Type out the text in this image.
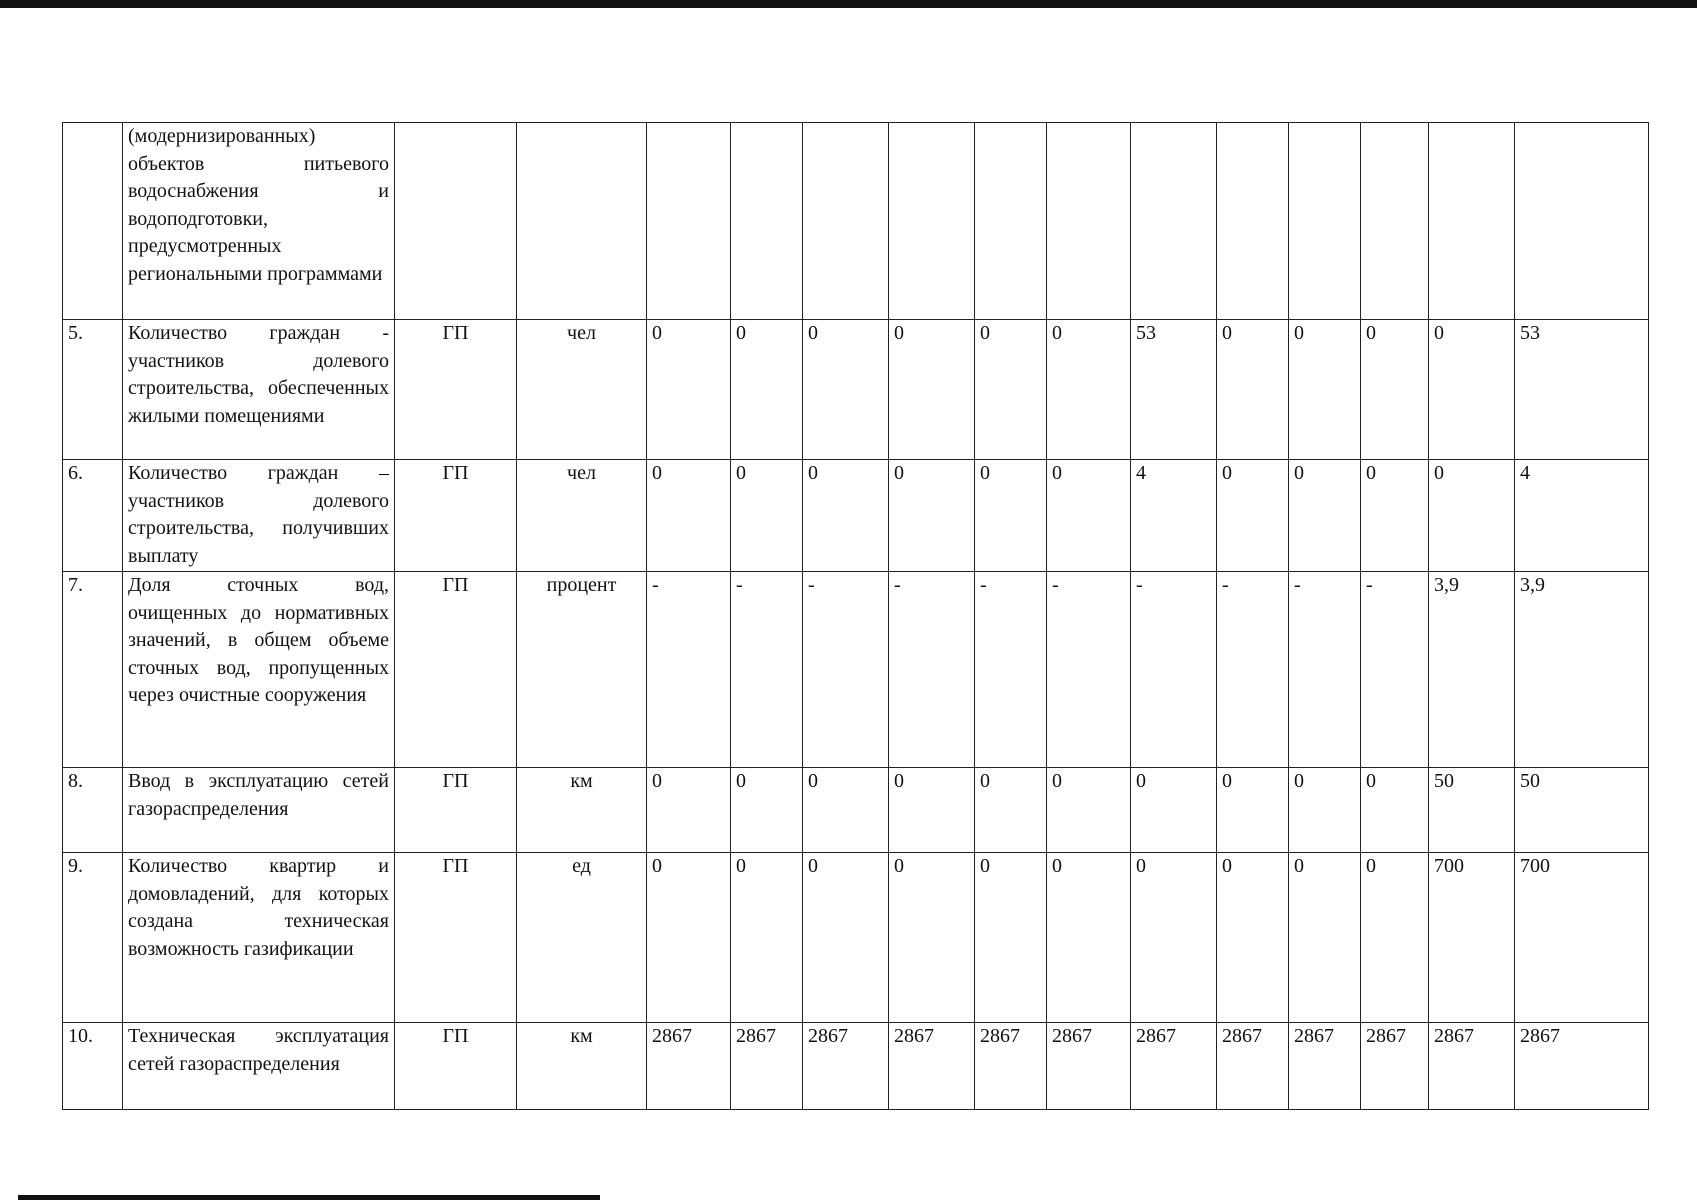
	(модернизированных) объектов питьевого водоснабжения и водоподготовки, предусмотренных региональными программами														
5.	Количество граждан - участников долевого строительства, обеспеченных жилыми помещениями	ГП	чел	0	0	0	0	0	0	53	0	0	0	0	53
6.	Количество граждан – участников долевого строительства, получивших выплату	ГП	чел	0	0	0	0	0	0	4	0	0	0	0	4
7.	Доля сточных вод, очищенных до нормативных значений, в общем объеме сточных вод, пропущенных через очистные сооружения	ГП	процент	-	-	-	-	-	-	-	-	-	-	3,9	3,9
8.	Ввод в эксплуатацию сетей газораспределения	ГП	км	0	0	0	0	0	0	0	0	0	0	50	50
9.	Количество квартир и домовладений, для которых создана техническая возможность газификации	ГП	ед	0	0	0	0	0	0	0	0	0	0	700	700
10.	Техническая эксплуатация сетей газораспределения	ГП	км	2867	2867	2867	2867	2867	2867	2867	2867	2867	2867	2867	2867
